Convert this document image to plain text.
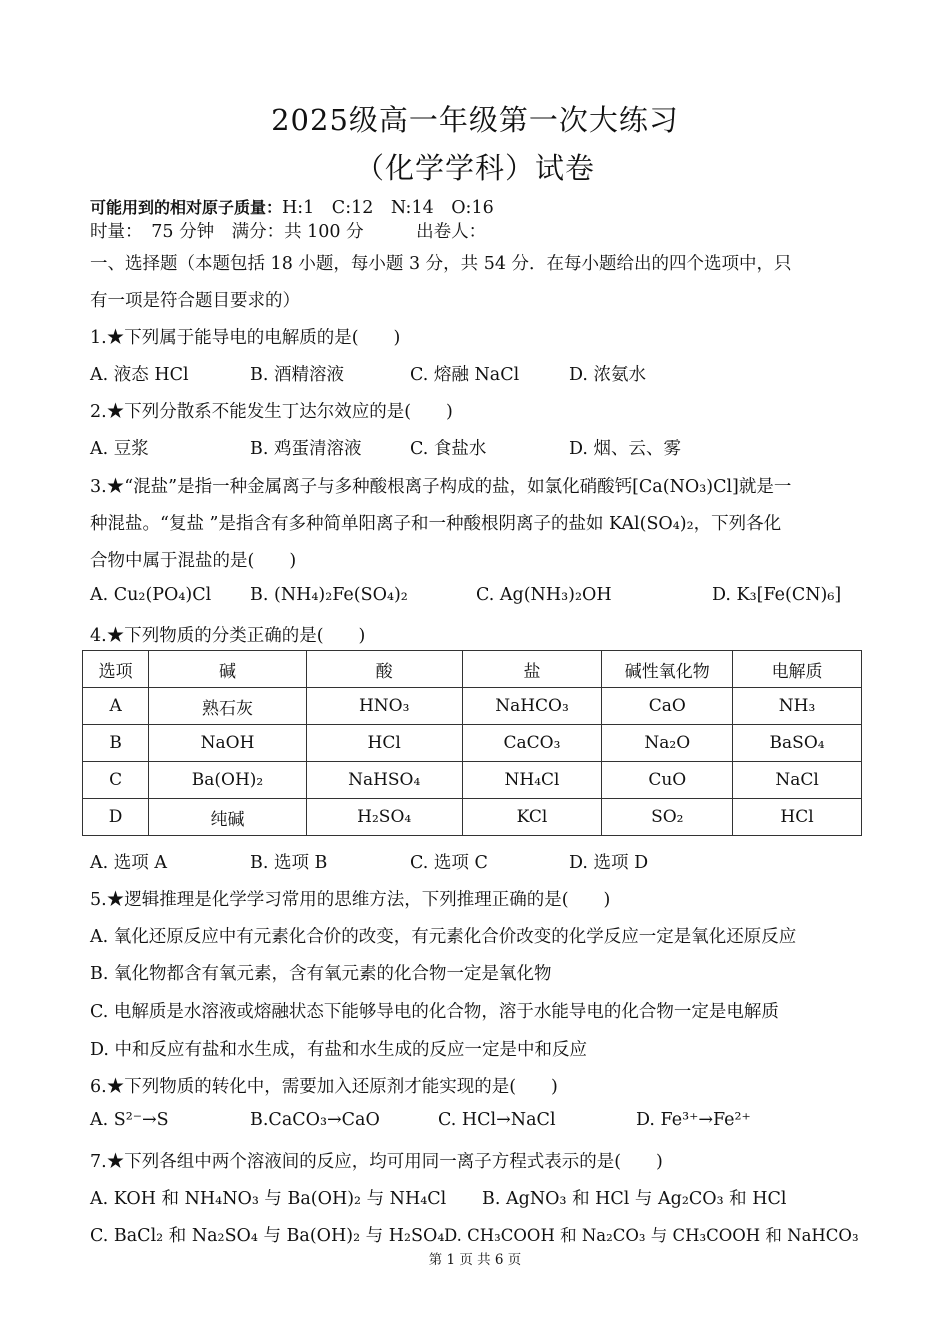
2025级高一年级第一次大练习
（化学学科）试卷
可能用到的相对原子质量：H:1　C:12　N:14　O:16
时量：　75 分钟　满分：共 100 分　　　出卷人：
一、选择题（本题包括 18 小题，每小题 3 分，共 54 分．在每小题给出的四个选项中，只
有一项是符合题目要求的）
1.★下列属于能导电的电解质的是(　　)
A. 液态 HCl	B. 酒精溶液	C. 熔融 NaCl	D. 浓氨水
2.★下列分散系不能发生丁达尔效应的是(　　)
A. 豆浆	B. 鸡蛋清溶液	C. 食盐水	D. 烟、云、雾
3.★“混盐”是指一种金属离子与多种酸根离子构成的盐，如氯化硝酸钙[Ca(NO₃)Cl]就是一
种混盐。“复盐 ”是指含有多种简单阳离子和一种酸根阴离子的盐如 KAl(SO₄)₂，下列各化
合物中属于混盐的是(　　)
A. Cu₂(PO₄)Cl B. (NH₄)₂Fe(SO₄)₂	C. Ag(NH₃)₂OH	D. K₃[Fe(CN)₆]
4.★下列物质的分类正确的是(　　)
选项	碱	酸	盐	碱性氧化物	电解质
A	熟石灰	HNO₃	NaHCO₃	CaO	NH₃
B	NaOH	HCl	CaCO₃	Na₂O	BaSO₄
C	Ba(OH)₂	NaHSO₄	NH₄Cl	CuO	NaCl
D	纯碱	H₂SO₄	KCl	SO₂	HCl
A. 选项 A	B. 选项 B	C. 选项 C	D. 选项 D
5.★逻辑推理是化学学习常用的思维方法，下列推理正确的是(　　)
A. 氧化还原反应中有元素化合价的改变，有元素化合价改变的化学反应一定是氧化还原反应
B. 氧化物都含有氧元素，含有氧元素的化合物一定是氧化物
C. 电解质是水溶液或熔融状态下能够导电的化合物，溶于水能导电的化合物一定是电解质
D. 中和反应有盐和水生成，有盐和水生成的反应一定是中和反应
6.★下列物质的转化中，需要加入还原剂才能实现的是(　　)
A. S²⁻→S	B.CaCO₃→CaO	C. HCl→NaCl	D. Fe³⁺→Fe²⁺
7.★下列各组中两个溶液间的反应，均可用同一离子方程式表示的是(　　)
A. KOH 和 NH₄NO₃ 与 Ba(OH)₂ 与 NH₄Cl B. AgNO₃ 和 HCl 与 Ag₂CO₃ 和 HCl
C. BaCl₂ 和 Na₂SO₄ 与 Ba(OH)₂ 与 H₂SO₄ D. CH₃COOH 和 Na₂CO₃ 与 CH₃COOH 和 NaHCO₃
第 1 页 共 6 页
